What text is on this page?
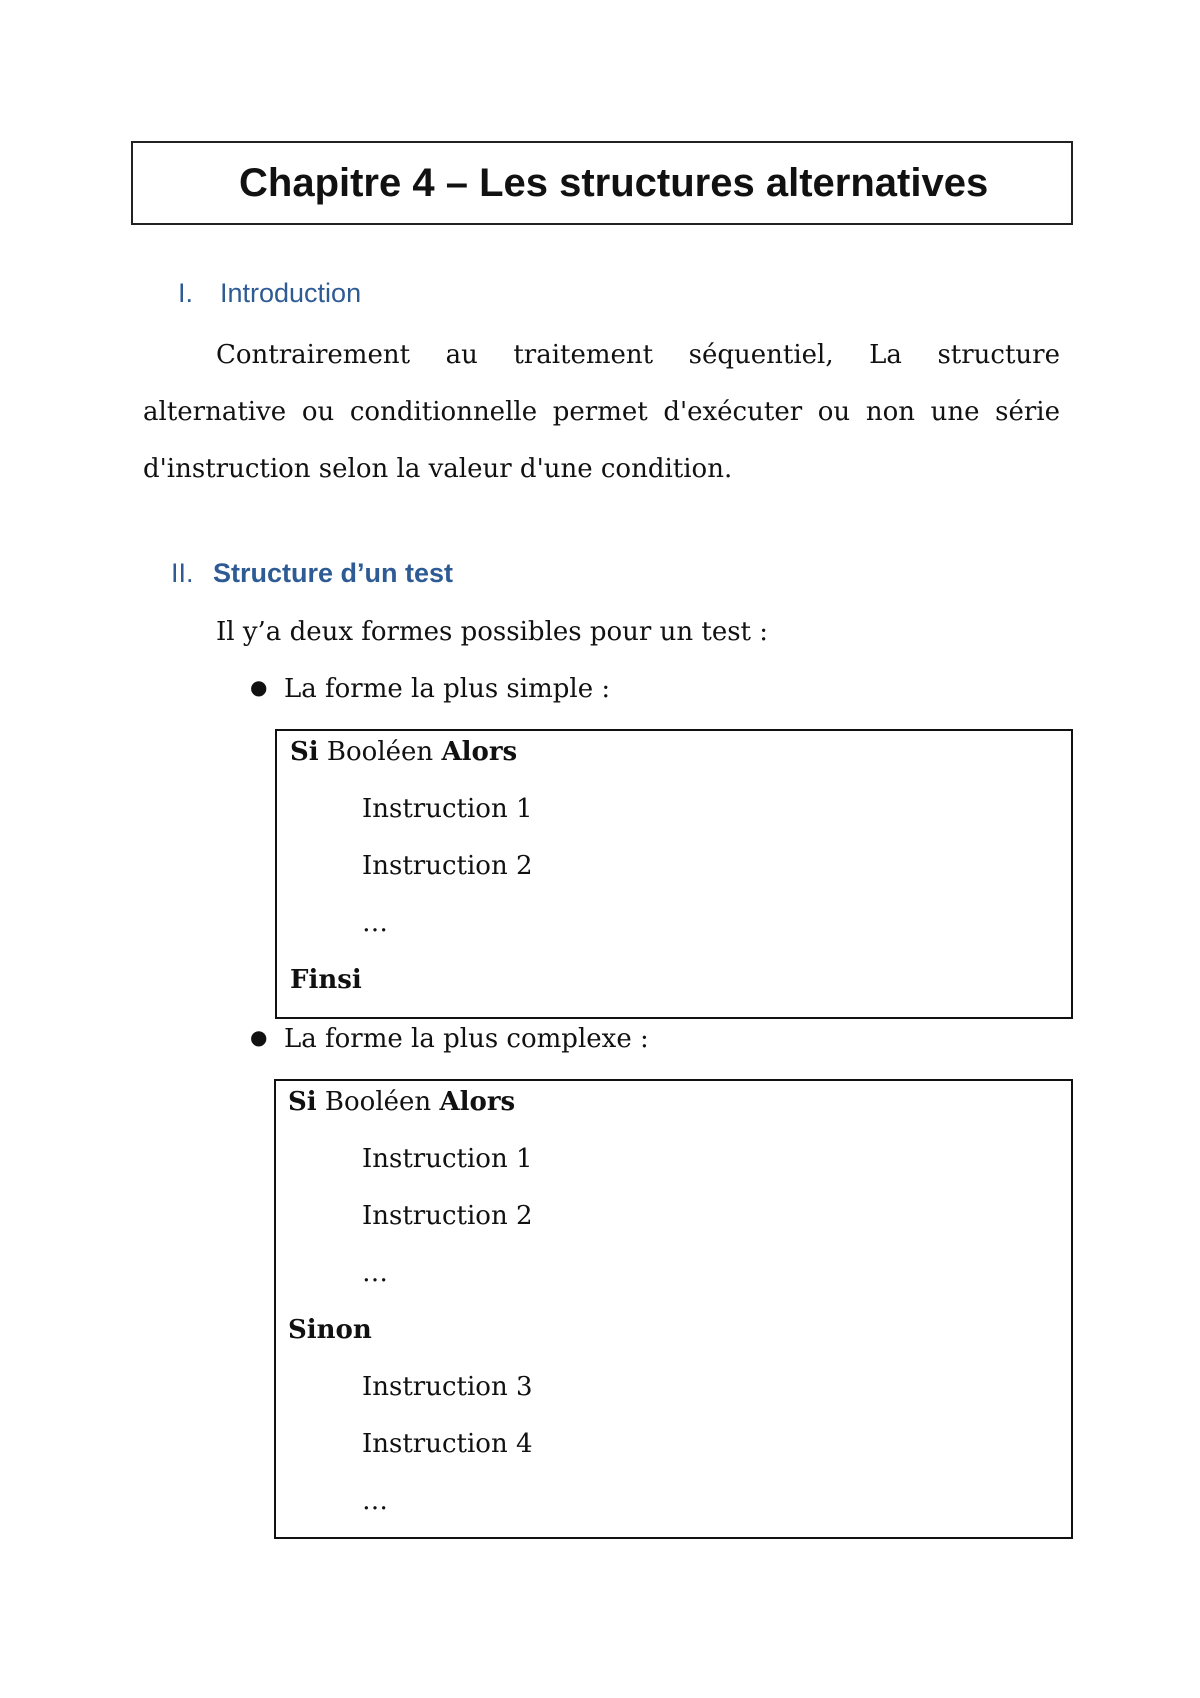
Chapitre 4 – Les structures alternatives
I. Introduction
Contrairement au traitement séquentiel, La structure alternative ou conditionnelle permet d'exécuter ou non une série d'instruction selon la valeur d'une condition.
II. Structure d’un test
Il y’a deux formes possibles pour un test :
● La forme la plus simple :
Si Booléen Alors
Instruction 1
Instruction 2
…
Finsi
● La forme la plus complexe :
Si Booléen Alors
Instruction 1
Instruction 2
…
Sinon
Instruction 3
Instruction 4
…
